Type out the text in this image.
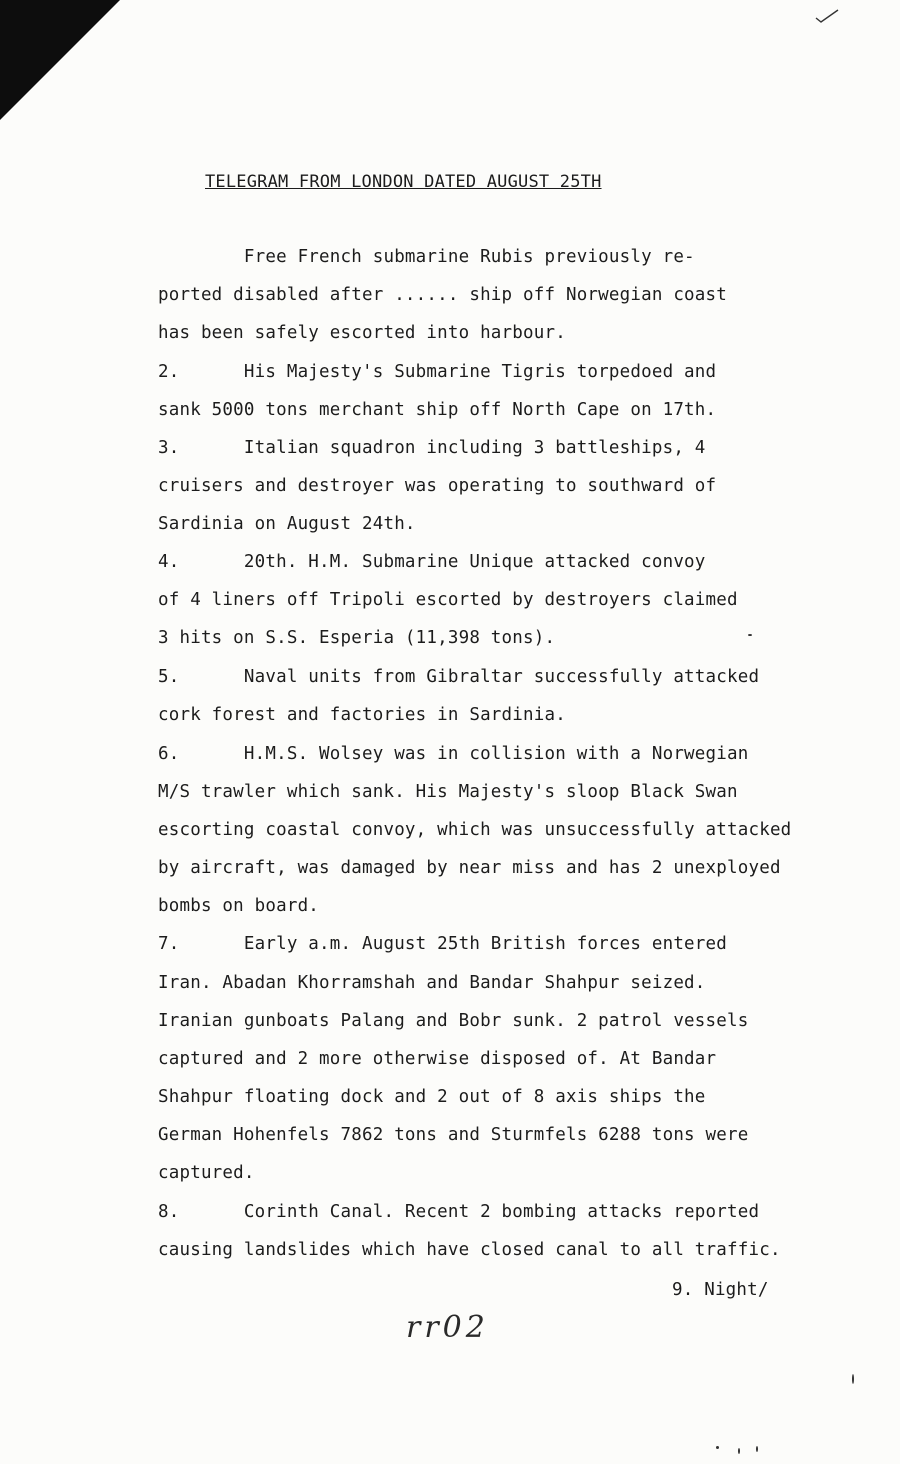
TELEGRAM FROM LONDON DATED AUGUST 25TH
Free French submarine Rubis previously re-
ported disabled after ...... ship off Norwegian coast
has been safely escorted into harbour.
2.      His Majesty's Submarine Tigris torpedoed and
sank 5000 tons merchant ship off North Cape on 17th.
3.      Italian squadron including 3 battleships, 4
cruisers and destroyer was operating to southward of
Sardinia on August 24th.
4.      20th. H.M. Submarine Unique attacked convoy
of 4 liners off Tripoli escorted by destroyers claimed
3 hits on S.S. Esperia (11,398 tons).
5.      Naval units from Gibraltar successfully attacked
cork forest and factories in Sardinia.
6.      H.M.S. Wolsey was in collision with a Norwegian
M/S trawler which sank. His Majesty's sloop Black Swan
escorting coastal convoy, which was unsuccessfully attacked
by aircraft, was damaged by near miss and has 2 unexployed
bombs on board.
7.      Early a.m. August 25th British forces entered
Iran. Abadan Khorramshah and Bandar Shahpur seized.
Iranian gunboats Palang and Bobr sunk. 2 patrol vessels
captured and 2 more otherwise disposed of. At Bandar
Shahpur floating dock and 2 out of 8 axis ships the
German Hohenfels 7862 tons and Sturmfels 6288 tons were
captured.
8.      Corinth Canal. Recent 2 bombing attacks reported
causing landslides which have closed canal to all traffic.
9. Night/
rr02
